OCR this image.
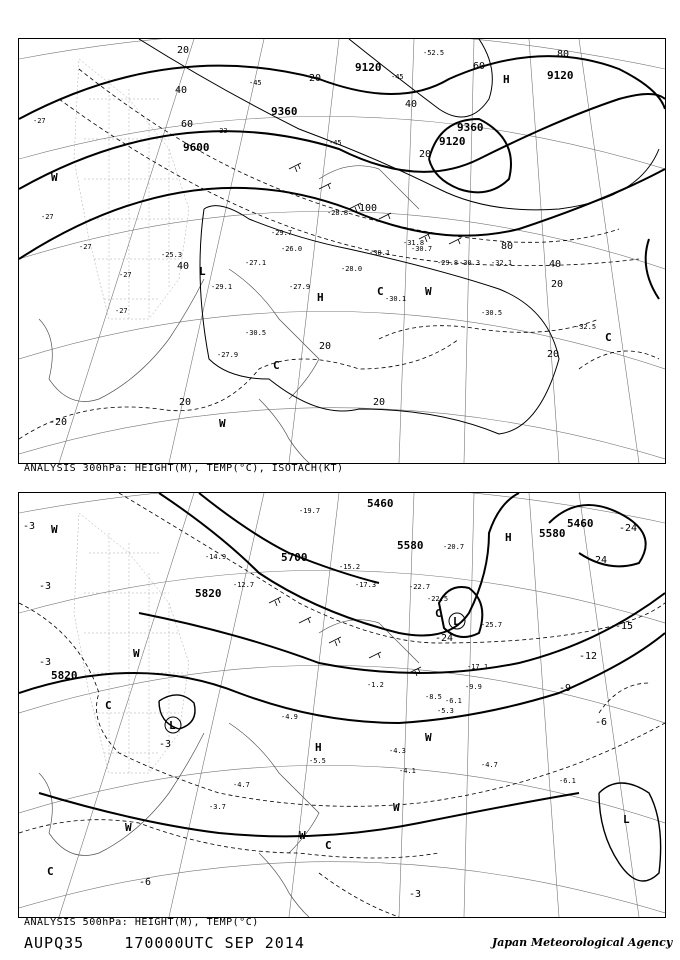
9120
9360
9600
9120
9360
9120
20
40
60
60
80
20
40
100
80
40
20
20
20
20	20
40
20
-27
-27
-27
-27
-27
-33
-45
-45
-45
-52.5
-29.7
-28.8
-31.8
-30.1	-30.7
-29.8 -30.3 -32.1
-28.0
-30.1
-30.5
-32.5
-29.1
-27.9
-25.3
-27.1
-26.0
-30.5
-27.9
-20
H
H
L
W
W
W
C
C
C
ANALYSIS 300hPa: HEIGHT(M), TEMP(°C), ISOTACH(KT)
5460
5580
5700
5820
5460
5580
5820
-3
-3
-3
-6
-9
-12
-15
-24
-24
-24
-6
-3
-3
-19.7
-15.2
-14.9
-12.7	-17.3	-22.7
-20.7
-22.5
-25.7
-17.1
-8.5
-9.9
-6.1
-4.9
-4.3
-4.7
-6.1
-3.7
-4.7
-5.5
-4.1
-1.2
-5.3
H
H
L
L
L
W
W
W
W
W
C
C
C
C
W
ANALYSIS 500hPa: HEIGHT(M), TEMP(°C)
AUPQ35	170000UTC SEP 2014	Japan Meteorological Agency
